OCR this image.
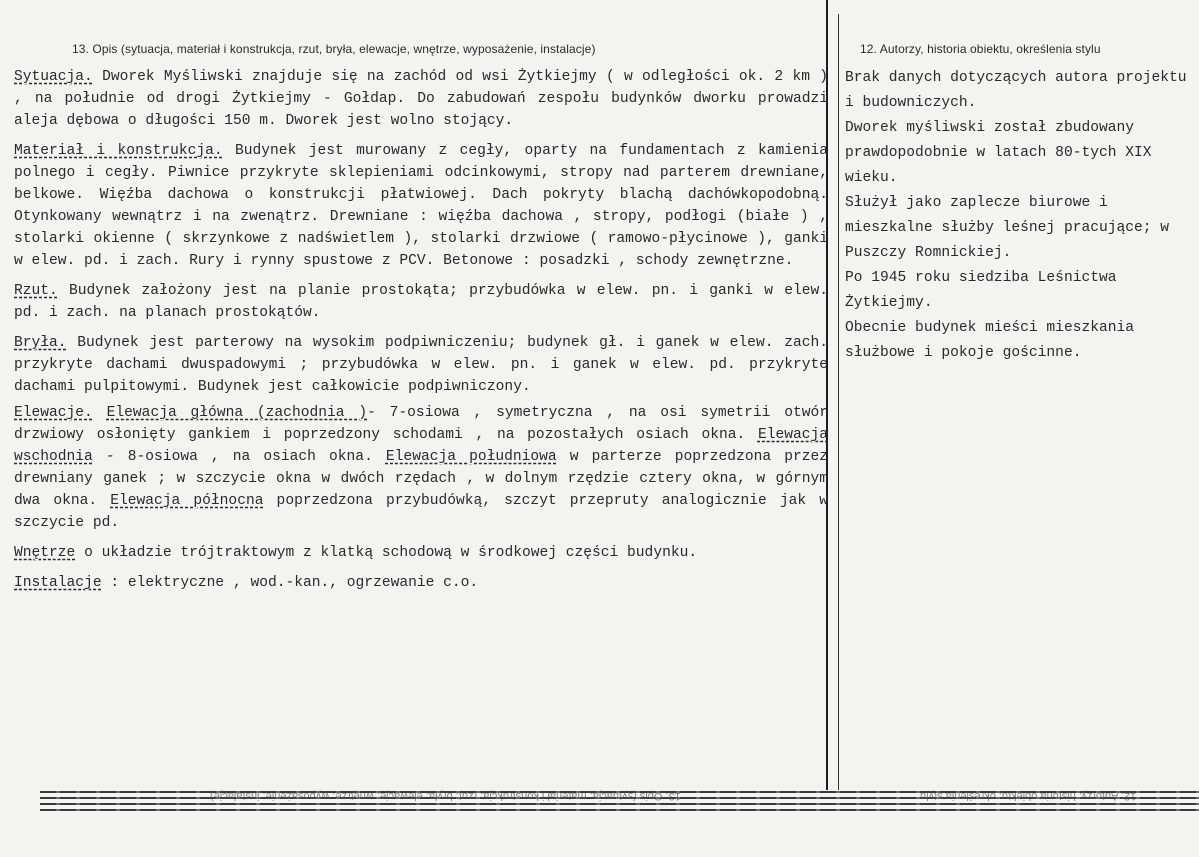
13. Opis (sytuacja, materiał i konstrukcja, rzut, bryła, elewacje, wnętrze, wyposażenie, instalacje)	12. Autorzy, historia obiektu, określenia stylu

Sytuacja. Dworek Myśliwski znajduje się na zachód od wsi Żytkiejmy ( w odległości ok. 2 km ) , na południe od drogi Żytkiejmy - Gołdap. Do zabudowań zespołu budynków dworku prowadzi aleja dębowa o długości 150 m. Dworek jest wolno stojący.

Materiał i konstrukcja. Budynek jest murowany z cegły, oparty na fundamentach z kamienia polnego i cegły. Piwnice przykryte sklepieniami odcinkowymi, stropy nad parterem drewniane, belkowe. Więźba dachowa o konstrukcji płatwiowej. Dach pokryty blachą dachówkopodobną. Otynkowany wewnątrz i na zwenątrz. Drewniane : więźba dachowa , stropy, podłogi (białe ) , stolarki okienne ( skrzynkowe z nadświetlem ), stolarki drzwiowe ( ramowo-płycinowe ), ganki w elew. pd. i zach. Rury i rynny spustowe z PCV. Betonowe : posadzki , schody zewnętrzne.

Rzut. Budynek założony jest na planie prostokąta; przybudówka w elew. pn. i ganki w elew. pd. i zach. na planach prostokątów.

Bryła. Budynek jest parterowy na wysokim podpiwniczeniu; budynek gł. i ganek w elew. zach. przykryte dachami dwuspadowymi ; przybudówka w elew. pn. i ganek w elew. pd. przykryte dachami pulpitowymi. Budynek jest całkowicie podpiwniczony.

Elewacje. Elewacja główna (zachodnia )- 7-osiowa , symetryczna , na osi symetrii otwór drzwiowy osłonięty gankiem i poprzedzony schodami , na pozostałych osiach okna. Elewacja wschodnia - 8-osiowa , na osiach okna. Elewacja południowa w parterze poprzedzona przez drewniany ganek ; w szczycie okna w dwóch rzędach , w dolnym rzędzie cztery okna, w górnym dwa okna. Elewacja północna poprzedzona przybudówką, szczyt przepruty analogicznie jak w szczycie pd.

Wnętrze o układzie trójtraktowym z klatką schodową w środkowej części budynku.

Instalacje : elektryczne , wod.-kan., ogrzewanie c.o.

Brak danych dotyczących autora projektu i budowniczych.

Dworek myśliwski został zbudowany prawdopodobnie w latach 80-tych XIX wieku.

Służył jako zaplecze biurowe i mieszkalne służby leśnej pracujące; w Puszczy Romnickiej.

Po 1945 roku siedziba Leśnictwa Żytkiejmy.

Obecnie budynek mieści mieszkania służbowe i pokoje gościnne.

13. Opis (sytuacja, materiał i konstrukcja, rzut, bryła, elewacje, wnętrze, wyposażenie, instalacje)	12. Autorzy, historia obiektu, określenia stylu
